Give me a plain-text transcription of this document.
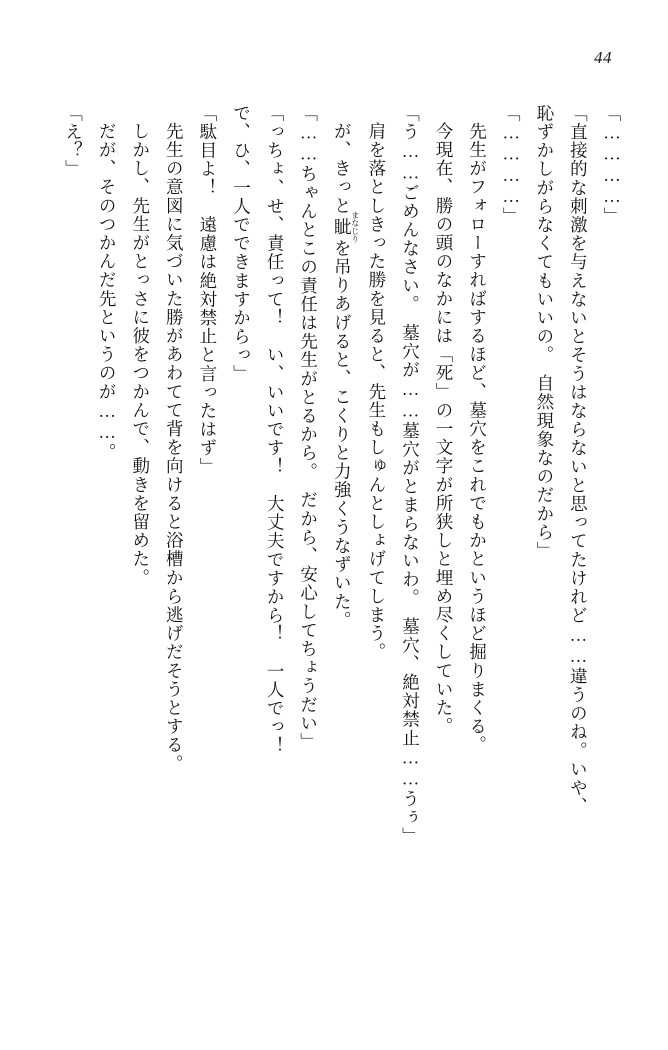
44

「…………」

「直接的な刺激を与えないとそうはならないと思ってたけれど……違うのね。いや、

恥ずかしがらなくてもいいの。　自然現象なのだから」

「…………」

先生がフォローすればするほど、墓穴をこれでもかというほど掘りまくる。

今現在、勝の頭のなかには「死」の一文字が所狭しと埋め尽くしていた。

「う……ごめんなさい。　墓穴が……墓穴がとまらないわ。　墓穴、絶対禁止……うぅ」

肩を落としきった勝を見ると、先生もしゅんとしょげてしまう。

が、きっと眦まなじりを吊りあげると、こくりと力強くうなずいた。

「……ちゃんとこの責任は先生がとるから。　だから、安心してちょうだい」

「っちょ、せ、責任って！　い、いいです！　大丈夫ですから！　一人でっ！

で、ひ、一人でできますからっ」

「駄目よ！　遠慮は絶対禁止と言ったはず」

先生の意図に気づいた勝があわてて背を向けると浴槽から逃げだそうとする。

しかし、先生がとっさに彼をつかんで、動きを留めた。

だが、そのつかんだ先というのが……。

「え？」
